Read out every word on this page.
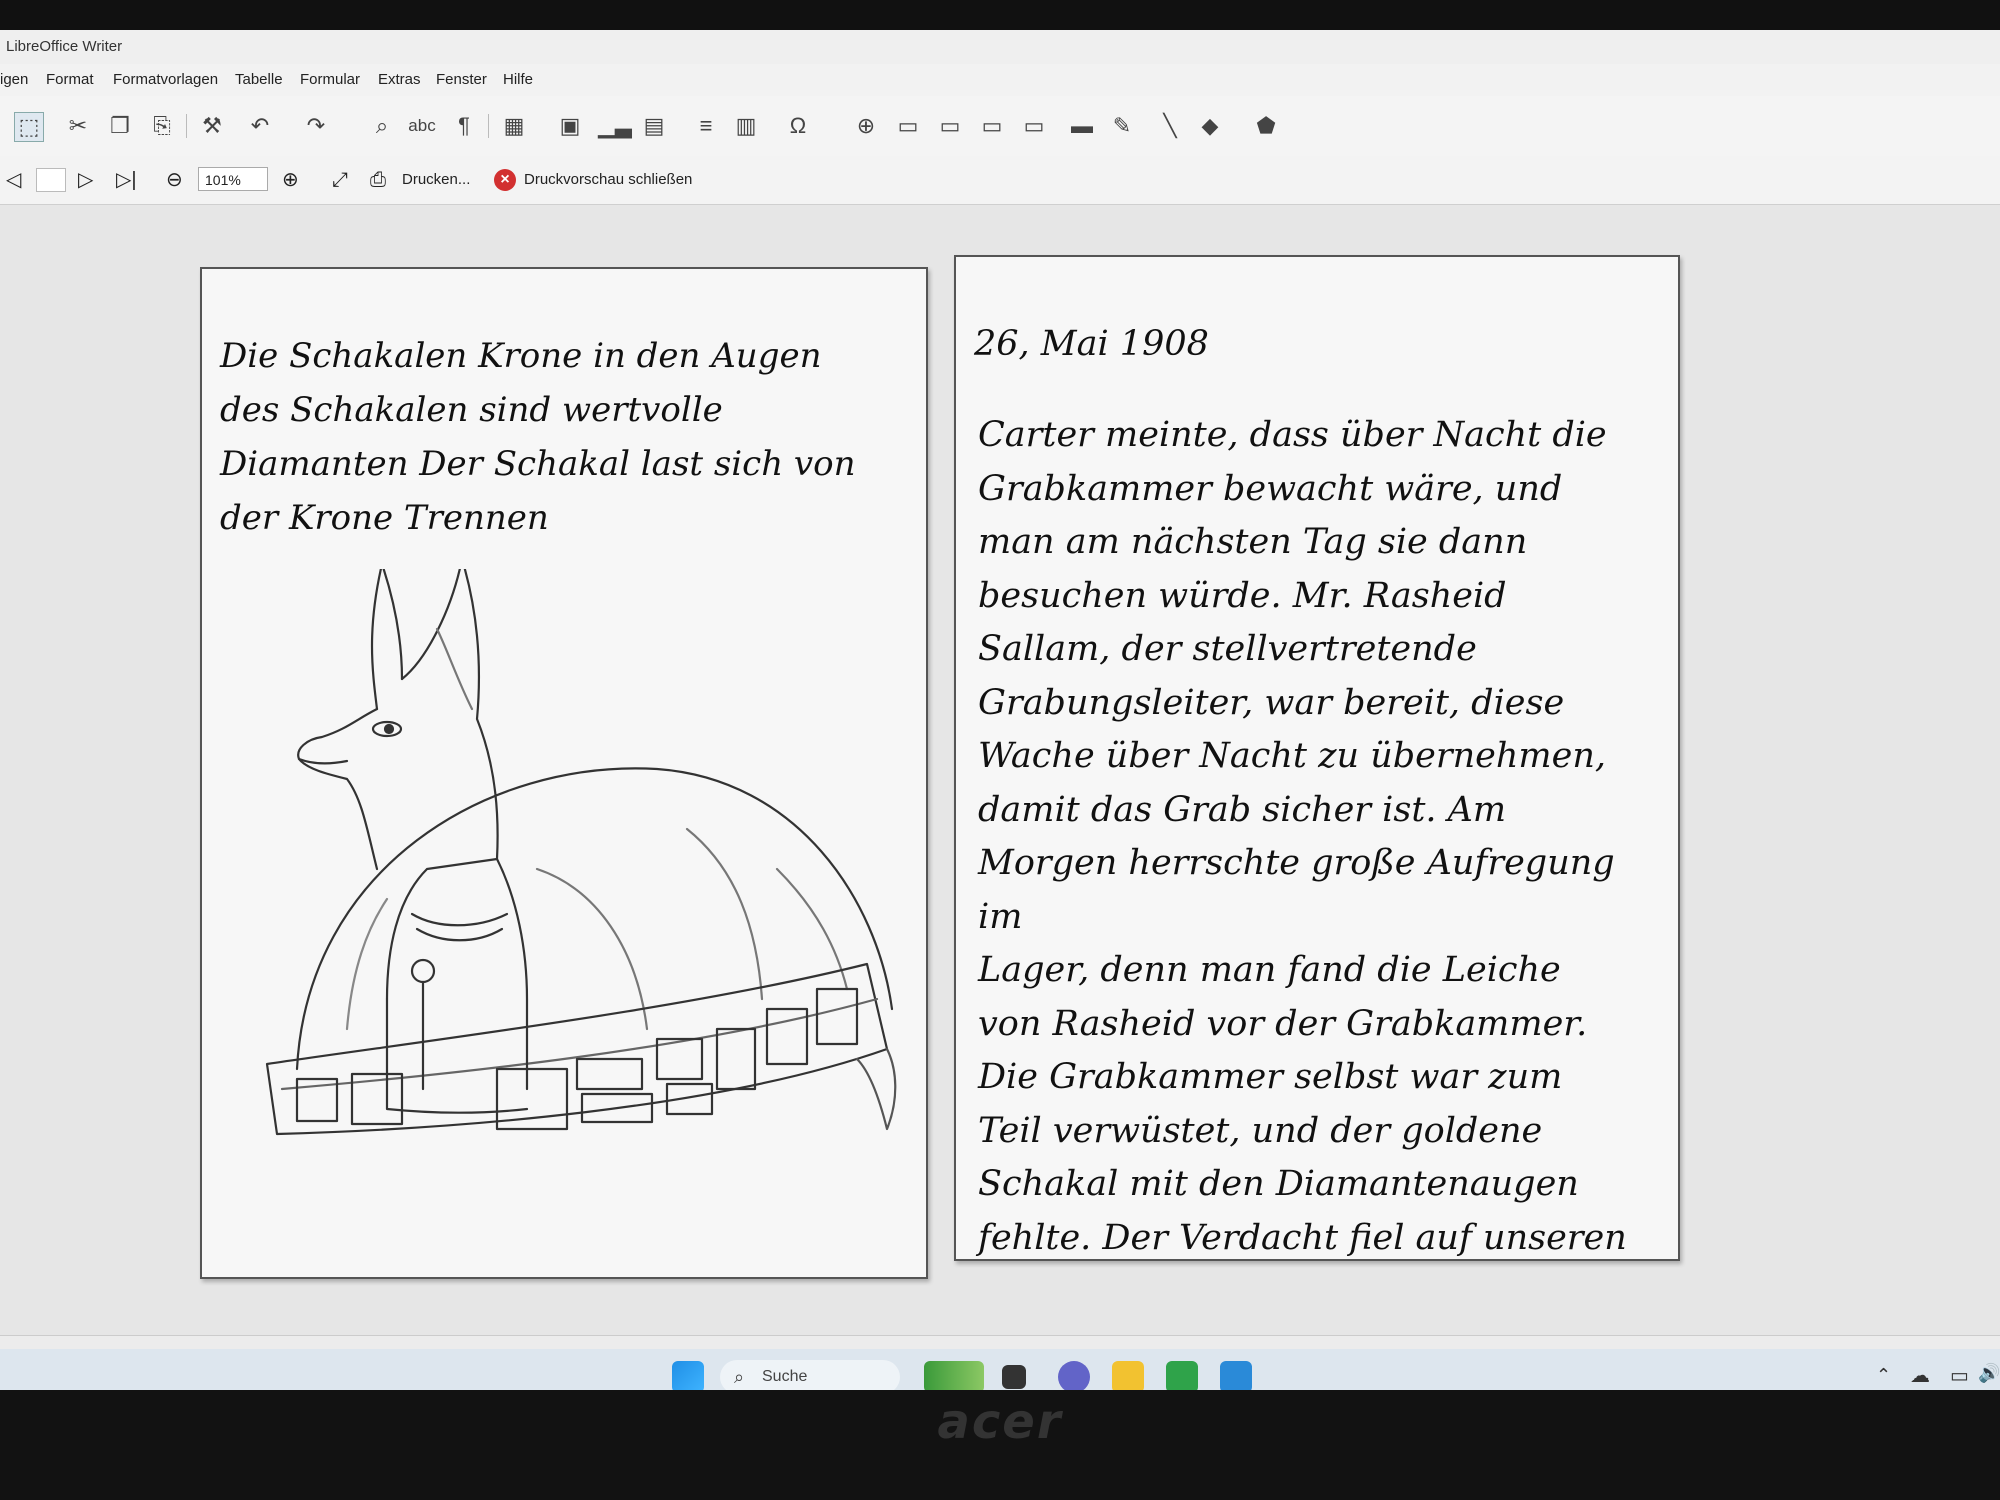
LibreOffice Writer
igen Format Formatvorlagen Tabelle Formular Extras Fenster Hilfe
⬚ ✂ ❐ ⎘ ⚒ ↶ ↷	⌕	abc	¶	▦ ▣ ▁▃ ▤	≡	▥ Ω ⊕ ▭ ▭ ▭ ▭ ▬ ✎	╲	◆ ⬟
◁	▷ ▷| ⊖	101%	⊕ ⤢ ⎙ Drucken...	× Druckvorschau schließen
Die Schakalen Krone in den Augen
des Schakalen sind wertvolle
Diamanten Der Schakal last sich von
der Krone Trennen
26, Mai 1908
Carter meinte, dass über Nacht die
Grabkammer bewacht wäre, und
man am nächsten Tag sie dann
besuchen würde. Mr. Rasheid
Sallam, der stellvertretende
Grabungsleiter, war bereit, diese
Wache über Nacht zu übernehmen,
damit das Grab sicher ist. Am
Morgen herrschte große Aufregung im
Lager, denn man fand die Leiche
von Rasheid vor der Grabkammer.
Die Grabkammer selbst war zum
Teil verwüstet, und der goldene
Schakal mit den Diamantenaugen
fehlte. Der Verdacht fiel auf unseren
⌕ Suche	⌃ ☁ ▭ 🔊
acer
